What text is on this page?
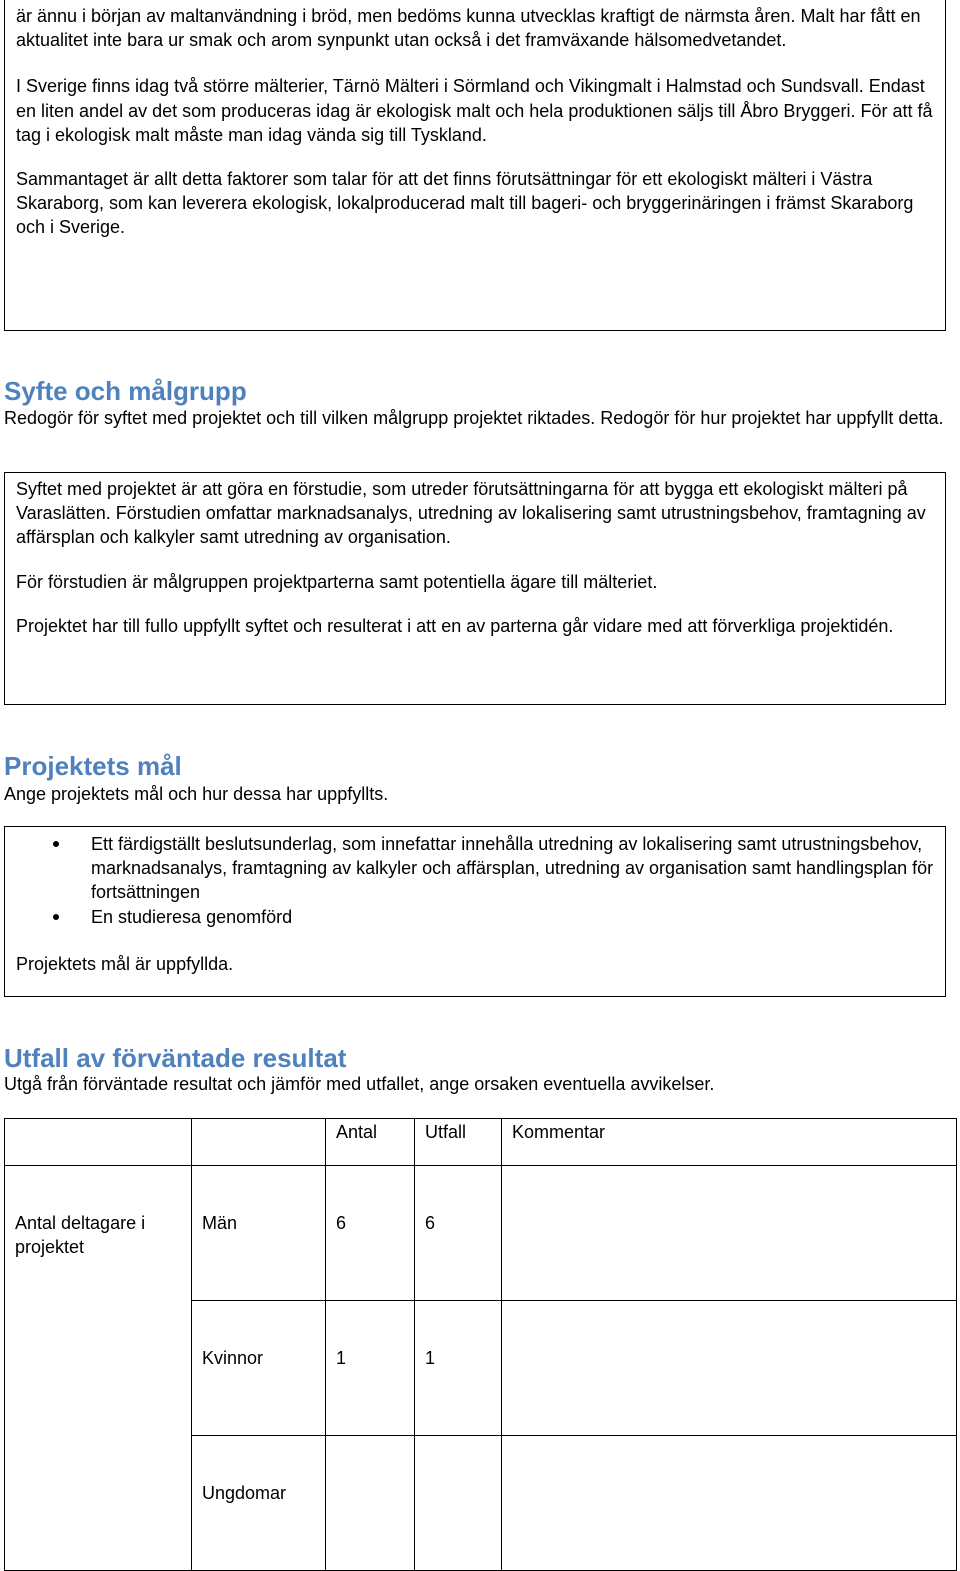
är ännu i början av maltanvändning i bröd, men bedöms kunna utvecklas kraftigt de närmsta åren. Malt har fått en aktualitet inte bara ur smak och arom synpunkt utan också i det framväxande hälsomedvetandet.

I Sverige finns idag två större mälterier, Tärnö Mälteri i Sörmland och Vikingmalt i Halmstad och Sundsvall. Endast en liten andel av det som produceras idag är ekologisk malt och hela produktionen säljs till Åbro Bryggeri. För att få tag i ekologisk malt måste man idag vända sig till Tyskland.

Sammantaget är allt detta faktorer som talar för att det finns förutsättningar för ett ekologiskt mälteri i Västra Skaraborg, som kan leverera ekologisk, lokalproducerad malt till bageri- och bryggerinäringen i främst Skaraborg och i Sverige.

Syfte och målgrupp

Redogör för syftet med projektet och till vilken målgrupp projektet riktades. Redogör för hur projektet har uppfyllt detta.

Syftet med projektet är att göra en förstudie, som utreder förutsättningarna för att bygga ett ekologiskt mälteri på Varaslätten. Förstudien omfattar marknadsanalys, utredning av lokalisering samt utrustningsbehov, framtagning av affärsplan och kalkyler samt utredning av organisation.

För förstudien är målgruppen projektparterna samt potentiella ägare till mälteriet.

Projektet har till fullo uppfyllt syftet och resulterat i att en av parterna går vidare med att förverkliga projektidén.

Projektets mål

Ange projektets mål och hur dessa har uppfyllts.

Ett färdigställt beslutsunderlag, som innefattar innehålla utredning av lokalisering samt utrustningsbehov, marknadsanalys, framtagning av kalkyler och affärsplan, utredning av organisation samt handlingsplan för fortsättningen
En studieresa genomförd

Projektets mål är uppfyllda.

Utfall av förväntade resultat

Utgå från förväntade resultat och jämför med utfallet, ange orsaken eventuella avvikelser.

		Antal	Utfall	Kommentar
Antal deltagare i projektet	Män	6	6	
	Kvinnor	1	1	
	Ungdomar			
